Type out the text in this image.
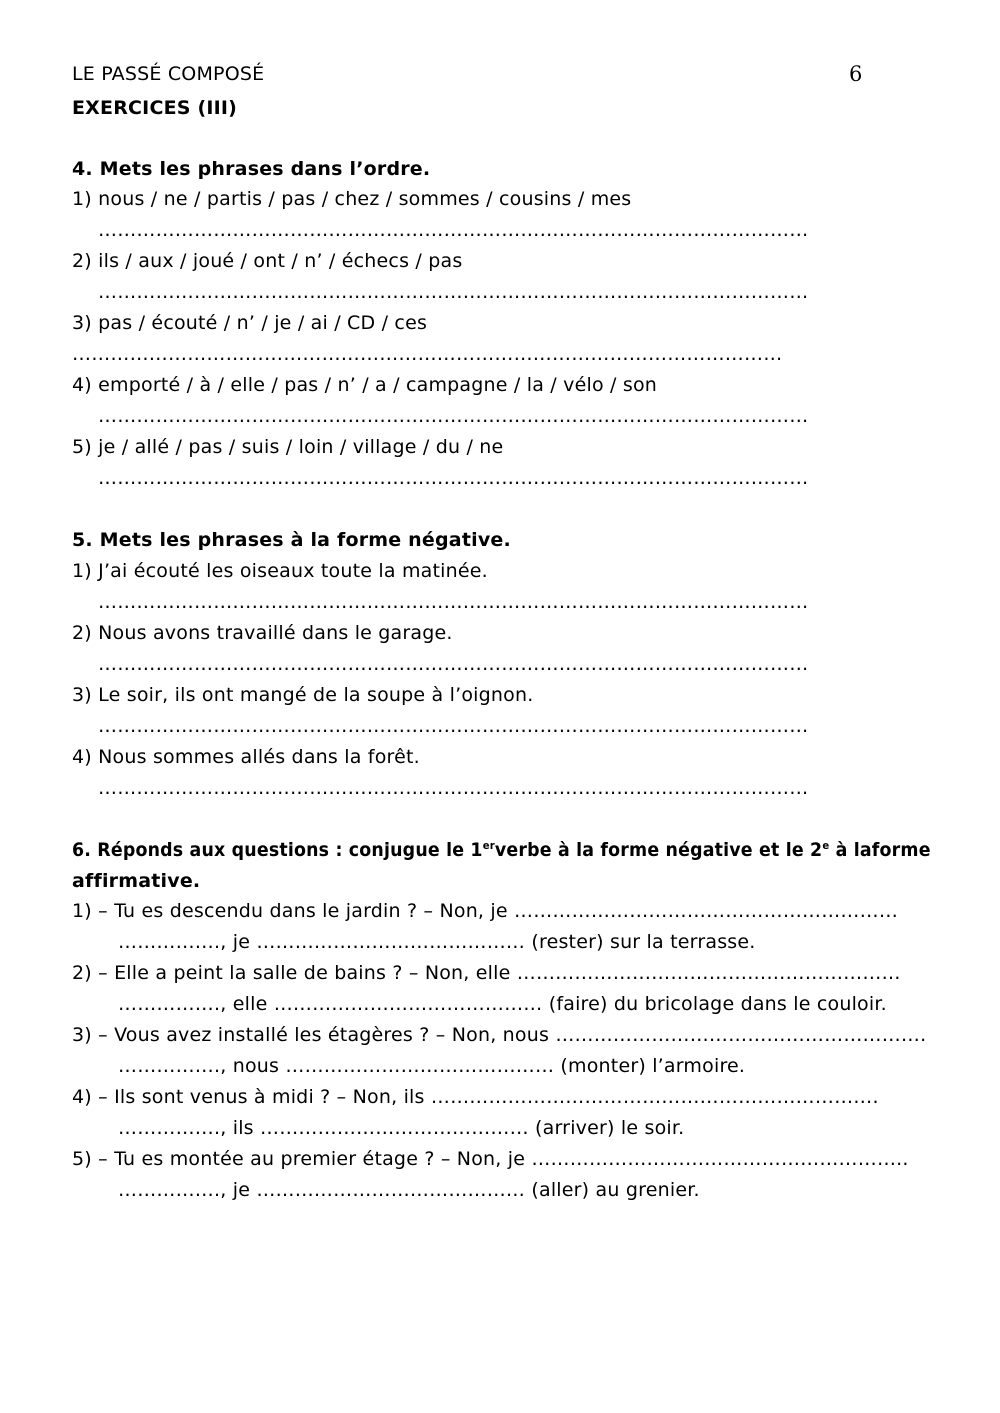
LE PASSÉ COMPOSÉ	6
EXERCICES (III)
4. Mets les phrases dans l’ordre.
1) nous / ne / partis / pas / chez / sommes / cousins / mes
…………………………………………………………………………………………………
2) ils / aux / joué / ont / n’ / échecs / pas
…………………………………………………………………………………………………
3) pas / écouté / n’ / je / ai / CD / ces
…………………………………………………………………………………………………
4) emporté / à / elle / pas / n’ / a / campagne / la / vélo / son
…………………………………………………………………………………………………
5) je / allé / pas / suis / loin / village / du / ne
…………………………………………………………………………………………………
5. Mets les phrases à la forme négative.
1) J’ai écouté les oiseaux toute la matinée.
…………………………………………………………………………………………………
2) Nous avons travaillé dans le garage.
…………………………………………………………………………………………………
3) Le soir, ils ont mangé de la soupe à l’oignon.
…………………………………………………………………………………………………
4) Nous sommes allés dans la forêt.
…………………………………………………………………………………………………
6. Réponds aux questions : conjugue le 1erverbe à la forme négative et le 2e à laforme
affirmative.
1) – Tu es descendu dans le jardin ? – Non, je ……………………………………………………
……………., je …………………………………… (rester) sur la terrasse.
2) – Elle a peint la salle de bains ? – Non, elle ……………………………………………………
……………., elle …………………………………… (faire) du bricolage dans le couloir.
3) – Vous avez installé les étagères ? – Non, nous ………………………………………………….
……………., nous …………………………………… (monter) l’armoire.
4) – Ils sont venus à midi ? – Non, ils …………………………………………………………….
……………., ils …………………………………… (arriver) le soir.
5) – Tu es montée au premier étage ? – Non, je …………………………………………………..
……………., je …………………………………… (aller) au grenier.
